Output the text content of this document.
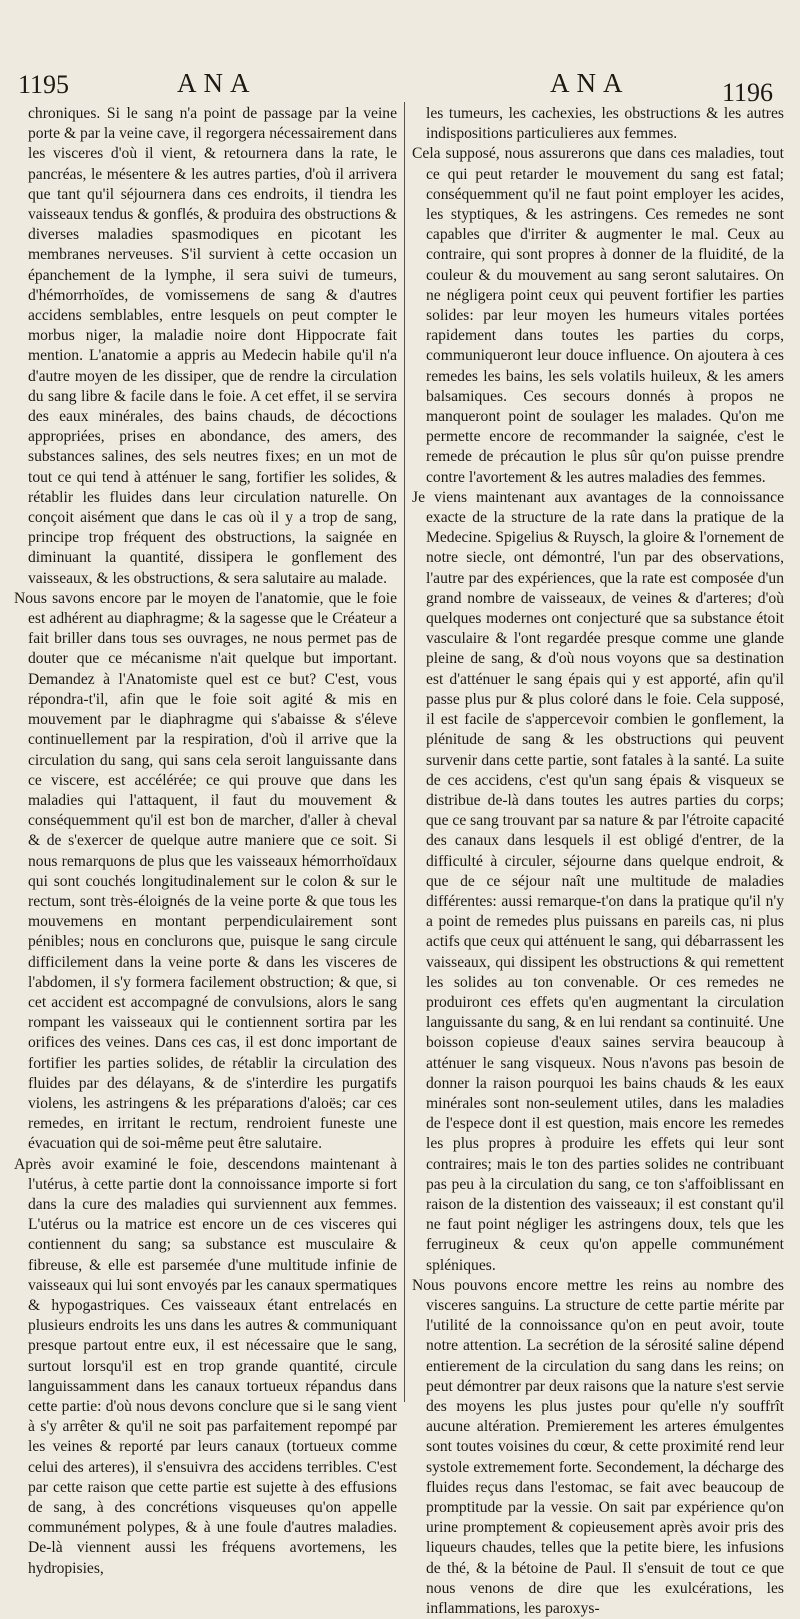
1195	ANA	ANA	1196

chroniques. Si le sang n'a point de passage par la veine porte & par la veine cave, il regorgera nécessairement dans les visceres d'où il vient, & retournera dans la rate, le pancréas, le mésentere & les autres parties, d'où il arrivera que tant qu'il séjournera dans ces endroits, il tiendra les vaisseaux tendus & gonflés, & produira des obstructions & diverses maladies spasmodiques en picotant les membranes nerveuses. S'il survient à cette occasion un épanchement de la lymphe, il sera suivi de tumeurs, d'hémorrhoïdes, de vomissemens de sang & d'autres accidens semblables, entre lesquels on peut compter le morbus niger, la maladie noire dont Hippocrate fait mention. L'anatomie a appris au Medecin habile qu'il n'a d'autre moyen de les dissiper, que de rendre la circulation du sang libre & facile dans le foie. A cet effet, il se servira des eaux minérales, des bains chauds, de décoctions appropriées, prises en abondance, des amers, des substances salines, des sels neutres fixes; en un mot de tout ce qui tend à atténuer le sang, fortifier les solides, & rétablir les fluides dans leur circulation naturelle. On conçoit aisément que dans le cas où il y a trop de sang, principe trop fréquent des obstructions, la saignée en diminuant la quantité, dissipera le gonflement des vaisseaux, & les obstructions, & sera salutaire au malade.

Nous savons encore par le moyen de l'anatomie, que le foie est adhérent au diaphragme; & la sagesse que le Créateur a fait briller dans tous ses ouvrages, ne nous permet pas de douter que ce mécanisme n'ait quelque but important. Demandez à l'Anatomiste quel est ce but? C'est, vous répondra-t'il, afin que le foie soit agité & mis en mouvement par le diaphragme qui s'abaisse & s'éleve continuellement par la respiration, d'où il arrive que la circulation du sang, qui sans cela seroit languissante dans ce viscere, est accélérée; ce qui prouve que dans les maladies qui l'attaquent, il faut du mouvement & conséquemment qu'il est bon de marcher, d'aller à cheval & de s'exercer de quelque autre maniere que ce soit. Si nous remarquons de plus que les vaisseaux hémorrhoïdaux qui sont couchés longitudinalement sur le colon & sur le rectum, sont très-éloignés de la veine porte & que tous les mouvemens en montant perpendiculairement sont pénibles; nous en conclurons que, puisque le sang circule difficilement dans la veine porte & dans les visceres de l'abdomen, il s'y formera facilement obstruction; & que, si cet accident est accompagné de convulsions, alors le sang rompant les vaisseaux qui le contiennent sortira par les orifices des veines. Dans ces cas, il est donc important de fortifier les parties solides, de rétablir la circulation des fluides par des délayans, & de s'interdire les purgatifs violens, les astringens & les préparations d'aloës; car ces remedes, en irritant le rectum, rendroient funeste une évacuation qui de soi-même peut être salutaire.

Après avoir examiné le foie, descendons maintenant à l'utérus, à cette partie dont la connoissance importe si fort dans la cure des maladies qui surviennent aux femmes. L'utérus ou la matrice est encore un de ces visceres qui contiennent du sang; sa substance est musculaire & fibreuse, & elle est parsemée d'une multitude infinie de vaisseaux qui lui sont envoyés par les canaux spermatiques & hypogastriques. Ces vaisseaux étant entrelacés en plusieurs endroits les uns dans les autres & communiquant presque partout entre eux, il est nécessaire que le sang, surtout lorsqu'il est en trop grande quantité, circule languissamment dans les canaux tortueux répandus dans cette partie: d'où nous devons conclure que si le sang vient à s'y arrêter & qu'il ne soit pas parfaitement repompé par les veines & reporté par leurs canaux (tortueux comme celui des arteres), il s'ensuivra des accidens terribles. C'est par cette raison que cette partie est sujette à des effusions de sang, à des concrétions visqueuses qu'on appelle communément polypes, & à une foule d'autres maladies. De-là viennent aussi les fréquens avortemens, les hydropisies,

les tumeurs, les cachexies, les obstructions & les autres indispositions particulieres aux femmes.

Cela supposé, nous assurerons que dans ces maladies, tout ce qui peut retarder le mouvement du sang est fatal; conséquemment qu'il ne faut point employer les acides, les styptiques, & les astringens. Ces remedes ne sont capables que d'irriter & augmenter le mal. Ceux au contraire, qui sont propres à donner de la fluidité, de la couleur & du mouvement au sang seront salutaires. On ne négligera point ceux qui peuvent fortifier les parties solides: par leur moyen les humeurs vitales portées rapidement dans toutes les parties du corps, communiqueront leur douce influence. On ajoutera à ces remedes les bains, les sels volatils huileux, & les amers balsamiques. Ces secours donnés à propos ne manqueront point de soulager les malades. Qu'on me permette encore de recommander la saignée, c'est le remede de précaution le plus sûr qu'on puisse prendre contre l'avortement & les autres maladies des femmes.

Je viens maintenant aux avantages de la connoissance exacte de la structure de la rate dans la pratique de la Medecine. Spigelius & Ruysch, la gloire & l'ornement de notre siecle, ont démontré, l'un par des observations, l'autre par des expériences, que la rate est composée d'un grand nombre de vaisseaux, de veines & d'arteres; d'où quelques modernes ont conjecturé que sa substance étoit vasculaire & l'ont regardée presque comme une glande pleine de sang, & d'où nous voyons que sa destination est d'atténuer le sang épais qui y est apporté, afin qu'il passe plus pur & plus coloré dans le foie. Cela supposé, il est facile de s'appercevoir combien le gonflement, la plénitude de sang & les obstructions qui peuvent survenir dans cette partie, sont fatales à la santé. La suite de ces accidens, c'est qu'un sang épais & visqueux se distribue de-là dans toutes les autres parties du corps; que ce sang trouvant par sa nature & par l'étroite capacité des canaux dans lesquels il est obligé d'entrer, de la difficulté à circuler, séjourne dans quelque endroit, & que de ce séjour naît une multitude de maladies différentes: aussi remarque-t'on dans la pratique qu'il n'y a point de remedes plus puissans en pareils cas, ni plus actifs que ceux qui atténuent le sang, qui débarrassent les vaisseaux, qui dissipent les obstructions & qui remettent les solides au ton convenable. Or ces remedes ne produiront ces effets qu'en augmentant la circulation languissante du sang, & en lui rendant sa continuité. Une boisson copieuse d'eaux saines servira beaucoup à atténuer le sang visqueux. Nous n'avons pas besoin de donner la raison pourquoi les bains chauds & les eaux minérales sont non-seulement utiles, dans les maladies de l'espece dont il est question, mais encore les remedes les plus propres à produire les effets qui leur sont contraires; mais le ton des parties solides ne contribuant pas peu à la circulation du sang, ce ton s'affoiblissant en raison de la distention des vaisseaux; il est constant qu'il ne faut point négliger les astringens doux, tels que les ferrugineux & ceux qu'on appelle communément spléniques.

Nous pouvons encore mettre les reins au nombre des visceres sanguins. La structure de cette partie mérite par l'utilité de la connoissance qu'on en peut avoir, toute notre attention. La secrétion de la sérosité saline dépend entierement de la circulation du sang dans les reins; on peut démontrer par deux raisons que la nature s'est servie des moyens les plus justes pour qu'elle n'y souffrît aucune altération. Premierement les arteres émulgentes sont toutes voisines du cœur, & cette proximité rend leur systole extremement forte. Secondement, la décharge des fluides reçus dans l'estomac, se fait avec beaucoup de promptitude par la vessie. On sait par expérience qu'on urine promptement & copieusement après avoir pris des liqueurs chaudes, telles que la petite biere, les infusions de thé, & la bétoine de Paul. Il s'ensuit de tout ce que nous venons de dire que les exulcérations, les inflammations, les paroxys-
